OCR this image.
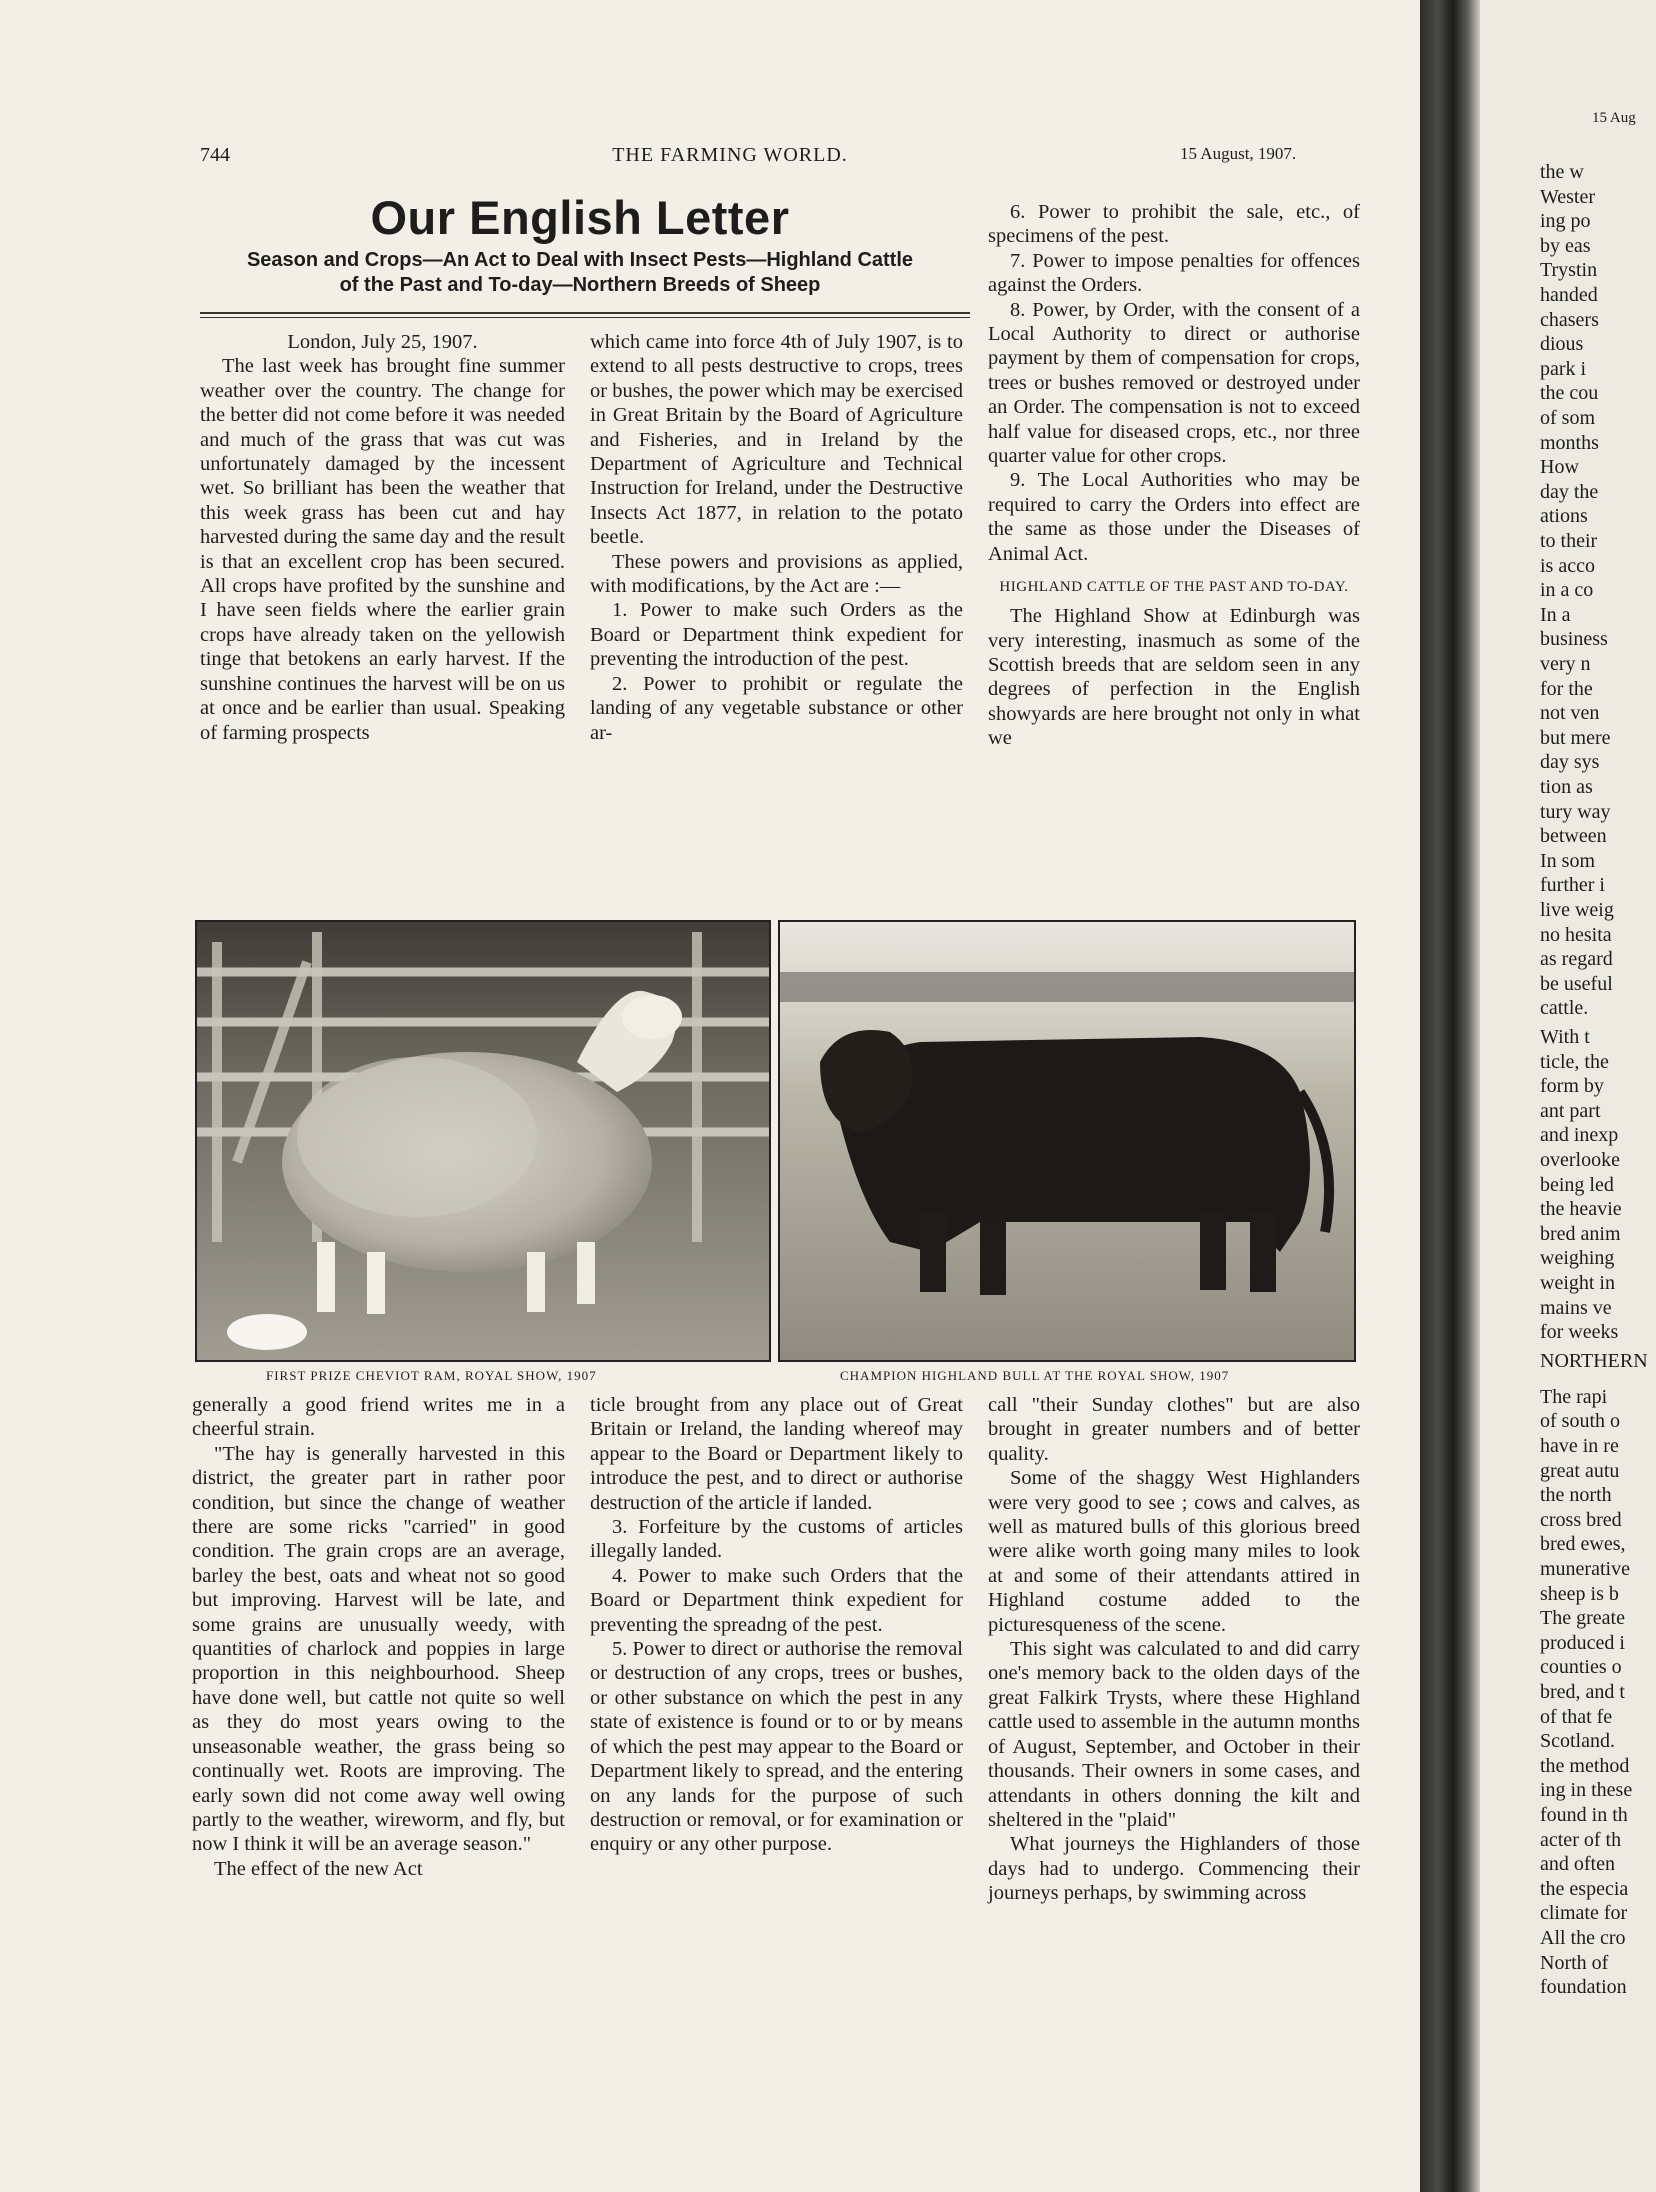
744	THE FARMING WORLD.	15 August, 1907.
Our English Letter
Season and Crops—An Act to Deal with Insect Pests—Highland Cattle
of the Past and To-day—Northern Breeds of Sheep

London, July 25, 1907.

The last week has brought fine summer weather over the country. The change for the better did not come before it was needed and much of the grass that was cut was unfortunately damaged by the incessent wet. So brilliant has been the weather that this week grass has been cut and hay harvested during the same day and the result is that an excellent crop has been secured. All crops have profited by the sunshine and I have seen fields where the earlier grain crops have already taken on the yellowish tinge that betokens an early harvest. If the sunshine continues the harvest will be on us at once and be earlier than usual. Speaking of farming prospects

which came into force 4th of July 1907, is to extend to all pests destructive to crops, trees or bushes, the power which may be exercised in Great Britain by the Board of Agriculture and Fisheries, and in Ireland by the Department of Agriculture and Technical Instruction for Ireland, under the Destructive Insects Act 1877, in relation to the potato beetle.

These powers and provisions as applied, with modifications, by the Act are :—

1. Power to make such Orders as the Board or Department think expedient for preventing the introduction of the pest.

2. Power to prohibit or regulate the landing of any vegetable substance or other ar-

6. Power to prohibit the sale, etc., of specimens of the pest.

7. Power to impose penalties for offences against the Orders.

8. Power, by Order, with the consent of a Local Authority to direct or authorise payment by them of compensation for crops, trees or bushes removed or destroyed under an Order. The compensation is not to exceed half value for diseased crops, etc., nor three quarter value for other crops.

9. The Local Authorities who may be required to carry the Orders into effect are the same as those under the Diseases of Animal Act.

HIGHLAND CATTLE OF THE PAST AND TO-DAY.

The Highland Show at Edinburgh was very interesting, inasmuch as some of the Scottish breeds that are seldom seen in any degrees of perfection in the English showyards are here brought not only in what we

FIRST PRIZE CHEVIOT RAM, ROYAL SHOW, 1907	CHAMPION HIGHLAND BULL AT THE ROYAL SHOW, 1907

generally a good friend writes me in a cheerful strain.

"The hay is generally harvested in this district, the greater part in rather poor condition, but since the change of weather there are some ricks "carried" in good condition. The grain crops are an average, barley the best, oats and wheat not so good but improving. Harvest will be late, and some grains are unusually weedy, with quantities of charlock and poppies in large proportion in this neighbourhood. Sheep have done well, but cattle not quite so well as they do most years owing to the unseasonable weather, the grass being so continually wet. Roots are improving. The early sown did not come away well owing partly to the weather, wireworm, and fly, but now I think it will be an average season."

The effect of the new Act

ticle brought from any place out of Great Britain or Ireland, the landing whereof may appear to the Board or Department likely to introduce the pest, and to direct or authorise destruction of the article if landed.

3. Forfeiture by the customs of articles illegally landed.

4. Power to make such Orders that the Board or Department think expedient for preventing the spreadng of the pest.

5. Power to direct or authorise the removal or destruction of any crops, trees or bushes, or other substance on which the pest in any state of existence is found or to or by means of which the pest may appear to the Board or Department likely to spread, and the entering on any lands for the purpose of such destruction or removal, or for examination or enquiry or any other purpose.

call "their Sunday clothes" but are also brought in greater numbers and of better quality.

Some of the shaggy West Highlanders were very good to see ; cows and calves, as well as matured bulls of this glorious breed were alike worth going many miles to look at and some of their attendants attired in Highland costume added to the picturesqueness of the scene.

This sight was calculated to and did carry one's memory back to the olden days of the great Falkirk Trysts, where these Highland cattle used to assemble in the autumn months of August, September, and October in their thousands. Their owners in some cases, and attendants in others donning the kilt and sheltered in the "plaid"

What journeys the Highlanders of those days had to undergo. Commencing their journeys perhaps, by swimming across

15 Aug
the w
Wester
ing po
by eas
Trystin
handed
chasers
dious
park i
the cou
of som
months
How
day the
ations
to their
is acco
in a co
In a
business
very n
for the
not ven
but mere
day sys
tion as
tury way
between
In som
further i
live weig
no hesita
as regard
be useful
cattle.
With t
ticle, the
form by
ant part
and inexp
overlooke
being led
the heavie
bred anim
weighing
weight in
mains ve
for weeks
NORTHERN
The rapi
of south o
have in re
great autu
the north
cross bred
bred ewes,
munerative
sheep is b
The greate
produced i
counties o
bred, and t
of that fe
Scotland.
the method
ing in these
found in th
acter of th
and often
the especia
climate for
All the cro
North of
foundation
